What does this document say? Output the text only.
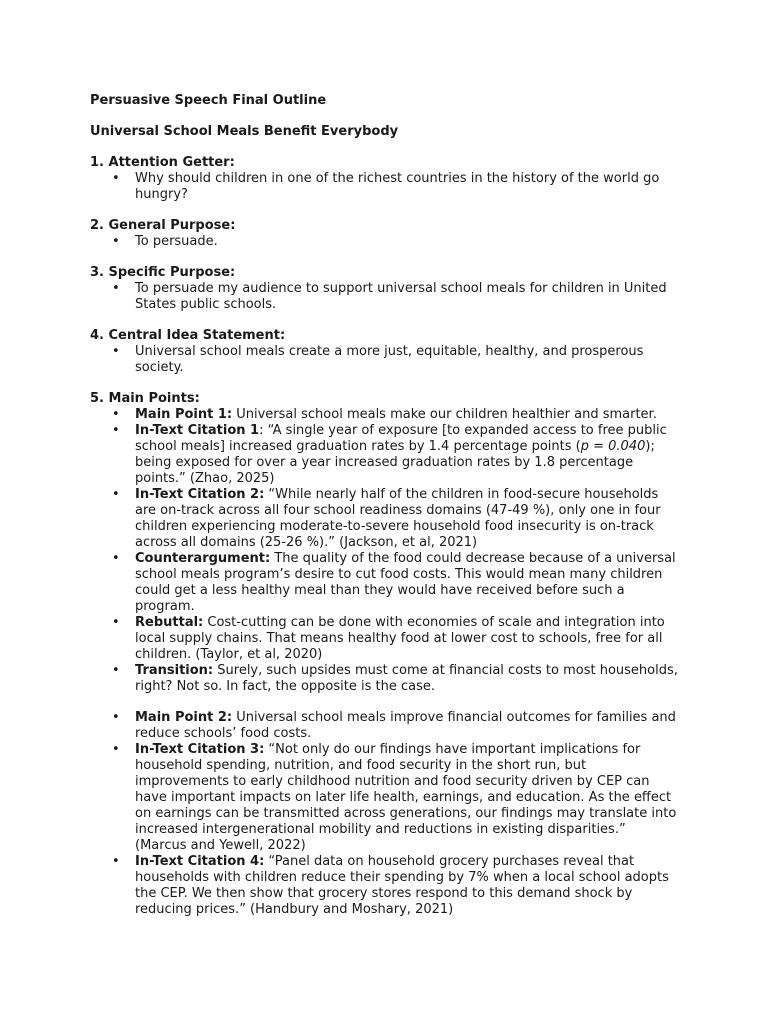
Persuasive Speech Final Outline

Universal School Meals Benefit Everybody

1. Attention Getter:

• Why should children in one of the richest countries in the history of the world go hungry?

2. General Purpose:

• To persuade.

3. Specific Purpose:

• To persuade my audience to support universal school meals for children in United States public schools.

4. Central Idea Statement:

• Universal school meals create a more just, equitable, healthy, and prosperous society.

5. Main Points:

• Main Point 1: Universal school meals make our children healthier and smarter.
• In-Text Citation 1: “A single year of exposure [to expanded access to free public school meals] increased graduation rates by 1.4 percentage points (p = 0.040); being exposed for over a year increased graduation rates by 1.8 percentage points.” (Zhao, 2025)
• In-Text Citation 2: “While nearly half of the children in food-secure households are on-track across all four school readiness domains (47-49 %), only one in four children experiencing moderate-to-severe household food insecurity is on-track across all domains (25-26 %).” (Jackson, et al, 2021)
• Counterargument: The quality of the food could decrease because of a universal school meals program’s desire to cut food costs. This would mean many children could get a less healthy meal than they would have received before such a program.
• Rebuttal: Cost-cutting can be done with economies of scale and integration into local supply chains. That means healthy food at lower cost to schools, free for all children. (Taylor, et al, 2020)
• Transition: Surely, such upsides must come at financial costs to most households, right? Not so. In fact, the opposite is the case.
• Main Point 2: Universal school meals improve financial outcomes for families and reduce schools’ food costs.
• In-Text Citation 3: “Not only do our findings have important implications for household spending, nutrition, and food security in the short run, but improvements to early childhood nutrition and food security driven by CEP can have important impacts on later life health, earnings, and education. As the effect on earnings can be transmitted across generations, our findings may translate into increased intergenerational mobility and reductions in existing disparities.” (Marcus and Yewell, 2022)
• In-Text Citation 4: “Panel data on household grocery purchases reveal that households with children reduce their spending by 7% when a local school adopts the CEP. We then show that grocery stores respond to this demand shock by reducing prices.” (Handbury and Moshary, 2021)
